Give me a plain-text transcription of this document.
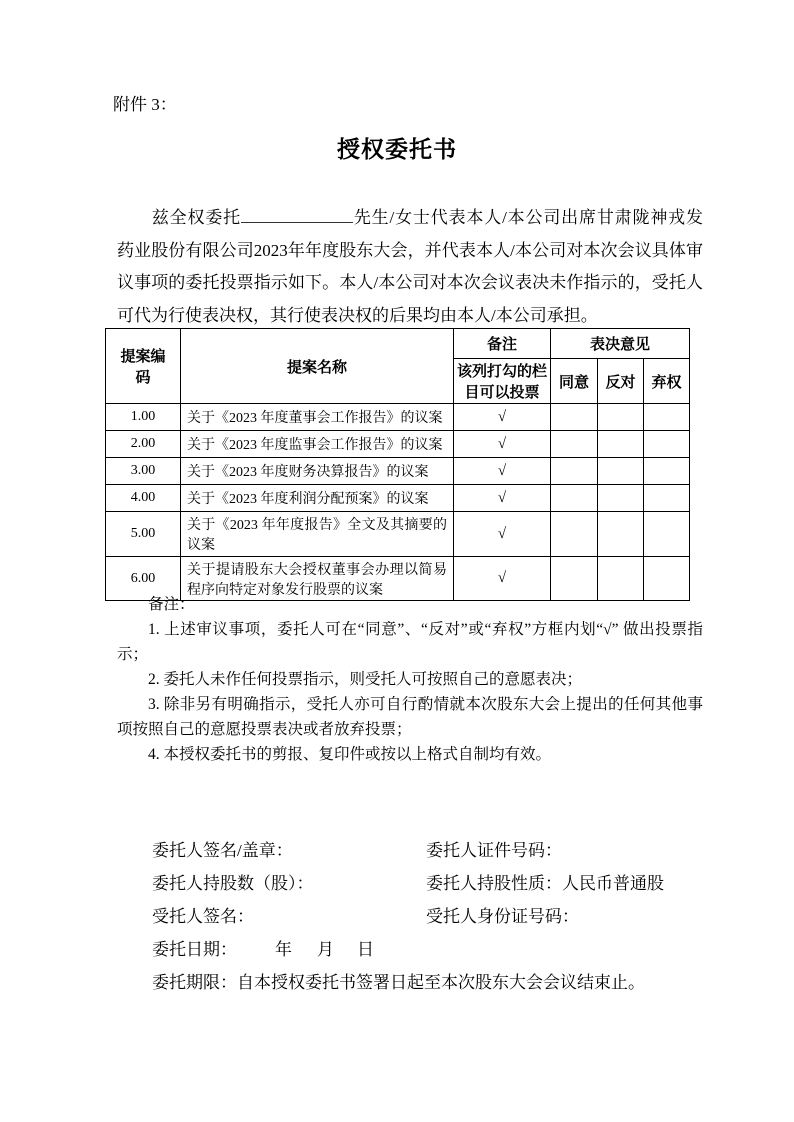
附件 3：
授权委托书
兹全权委托	先生/女士代表本人/本公司出席甘肃陇神戎发
药业股份有限公司2023年年度股东大会，并代表本人/本公司对本次会议具体审
议事项的委托投票指示如下。本人/本公司对本次会议表决未作指示的，受托人
可代为行使表决权，其行使表决权的后果均由本人/本公司承担。
提案编码	提案名称	备注	表决意见		
		该列打勾的栏目可以投票	同意	反对	弃权
1.00	关于《2023 年度董事会工作报告》的议案	√			
2.00	关于《2023 年度监事会工作报告》的议案	√			
3.00	关于《2023 年度财务决算报告》的议案	√			
4.00	关于《2023 年度利润分配预案》的议案	√			
5.00	关于《2023 年年度报告》全文及其摘要的议案	√			
6.00	关于提请股东大会授权董事会办理以简易程序向特定对象发行股票的议案	√			
备注：
1. 上述审议事项，委托人可在“同意”、“反对”或“弃权”方框内划“√” 做出投票指示；
2. 委托人未作任何投票指示，则受托人可按照自己的意愿表决；
3. 除非另有明确指示，受托人亦可自行酌情就本次股东大会上提出的任何其他事项按照自己的意愿投票表决或者放弃投票；
4. 本授权委托书的剪报、复印件或按以上格式自制均有效。
委托人签名/盖章：	委托人证件号码：
委托人持股数（股）：	委托人持股性质：人民币普通股
受托人签名：	受托人身份证号码：
委托日期： 年 月 日
委托期限：自本授权委托书签署日起至本次股东大会会议结束止。
